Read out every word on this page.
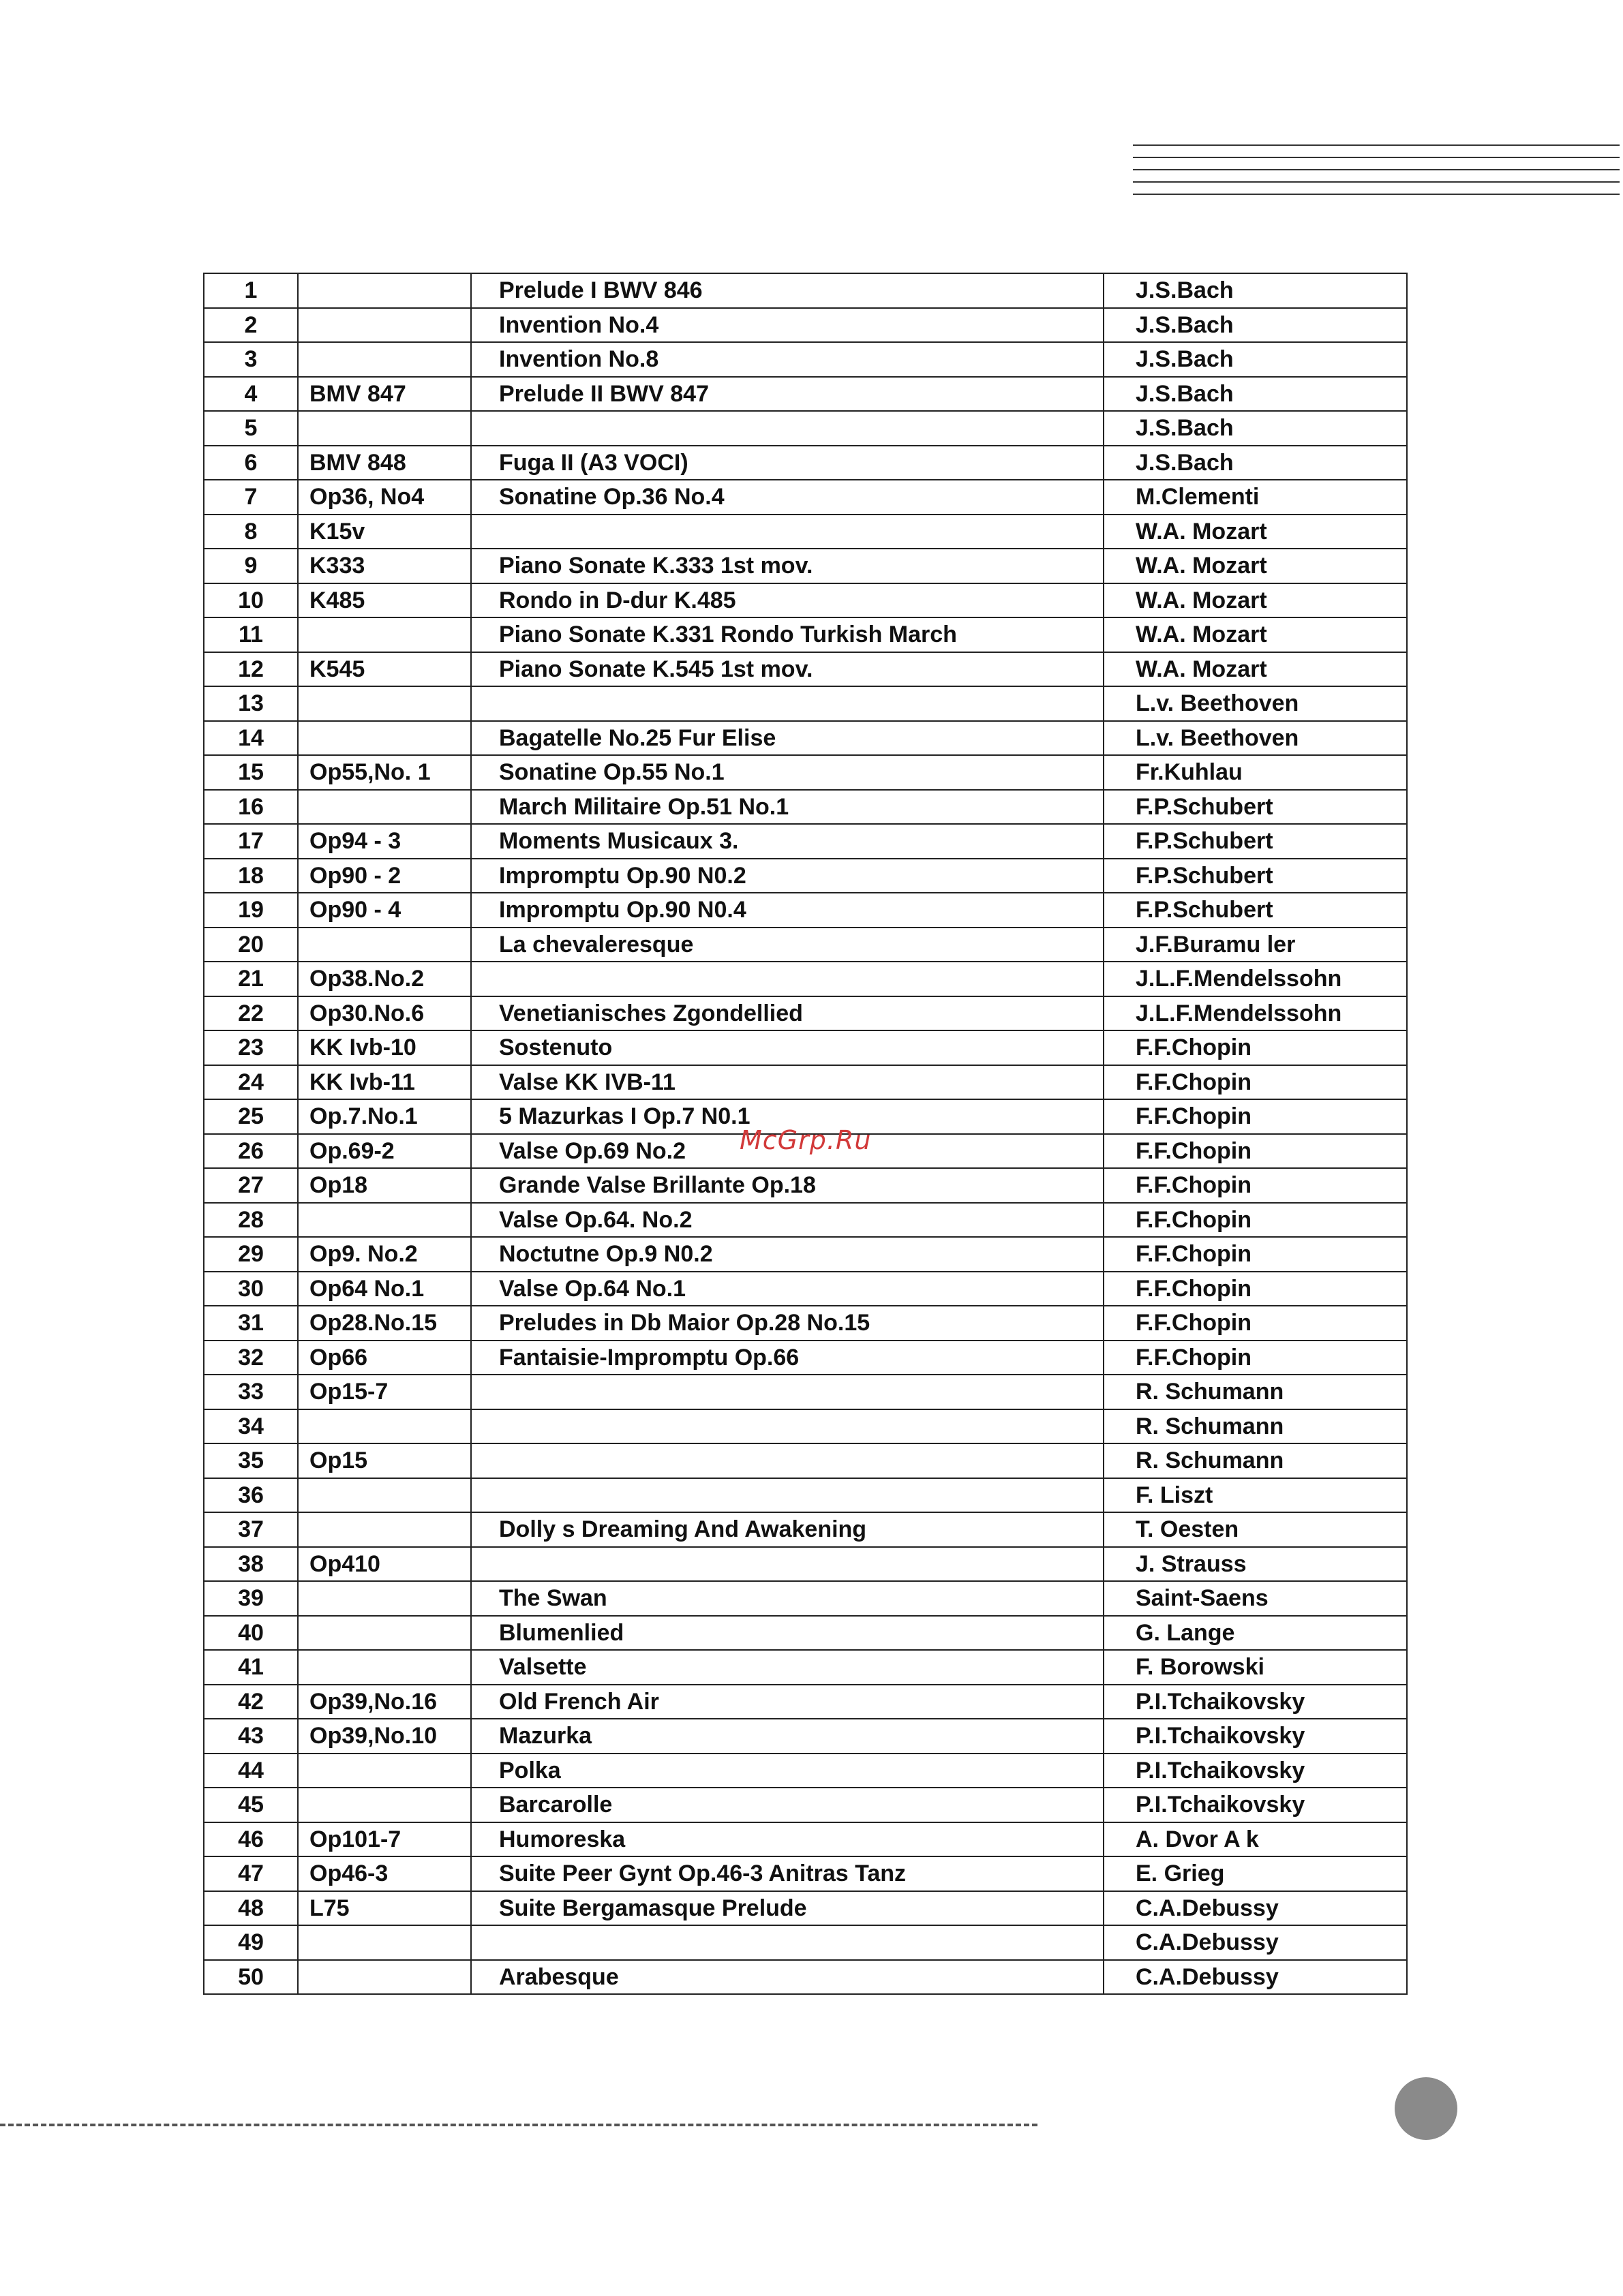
1		Prelude I BWV 846	J.S.Bach
2		Invention No.4	J.S.Bach
3		Invention No.8	J.S.Bach
4	BMV 847	Prelude II BWV 847	J.S.Bach
5			J.S.Bach
6	BMV 848	Fuga II (A3 VOCI)	J.S.Bach
7	Op36, No4	Sonatine Op.36 No.4	M.Clementi
8	K15v		W.A. Mozart
9	K333	Piano Sonate K.333 1st mov.	W.A. Mozart
10	K485	Rondo in D-dur K.485	W.A. Mozart
11		Piano Sonate K.331 Rondo Turkish March	W.A. Mozart
12	K545	Piano Sonate K.545 1st mov.	W.A. Mozart
13			L.v. Beethoven
14		Bagatelle No.25 Fur Elise	L.v. Beethoven
15	Op55,No. 1	Sonatine Op.55 No.1	Fr.Kuhlau
16		March Militaire Op.51 No.1	F.P.Schubert
17	Op94 - 3	Moments Musicaux 3.	F.P.Schubert
18	Op90 - 2	Impromptu Op.90 N0.2	F.P.Schubert
19	Op90 - 4	Impromptu Op.90 N0.4	F.P.Schubert
20		La chevaleresque	J.F.Buramu ler
21	Op38.No.2		J.L.F.Mendelssohn
22	Op30.No.6	Venetianisches Zgondellied	J.L.F.Mendelssohn
23	KK Ivb-10	Sostenuto	F.F.Chopin
24	KK Ivb-11	Valse KK IVB-11	F.F.Chopin
25	Op.7.No.1	5 Mazurkas I Op.7 N0.1	F.F.Chopin
26	Op.69-2	Valse Op.69 No.2	F.F.Chopin
27	Op18	Grande Valse Brillante Op.18	F.F.Chopin
28		Valse Op.64. No.2	F.F.Chopin
29	Op9. No.2	Noctutne Op.9 N0.2	F.F.Chopin
30	Op64 No.1	Valse Op.64 No.1	F.F.Chopin
31	Op28.No.15	Preludes in Db Maior Op.28 No.15	F.F.Chopin
32	Op66	Fantaisie-Impromptu Op.66	F.F.Chopin
33	Op15-7		R. Schumann
34			R. Schumann
35	Op15		R. Schumann
36			F. Liszt
37		Dolly s Dreaming And Awakening	T. Oesten
38	Op410		J. Strauss
39		The Swan	Saint-Saens
40		Blumenlied	G. Lange
41		Valsette	F. Borowski
42	Op39,No.16	Old French Air	P.I.Tchaikovsky
43	Op39,No.10	Mazurka	P.I.Tchaikovsky
44		Polka	P.I.Tchaikovsky
45		Barcarolle	P.I.Tchaikovsky
46	Op101-7	Humoreska	A. Dvor A k
47	Op46-3	Suite Peer Gynt Op.46-3 Anitras Tanz	E. Grieg
48	L75	Suite Bergamasque Prelude	C.A.Debussy
49			C.A.Debussy
50		Arabesque	C.A.Debussy
McGrp.Ru
